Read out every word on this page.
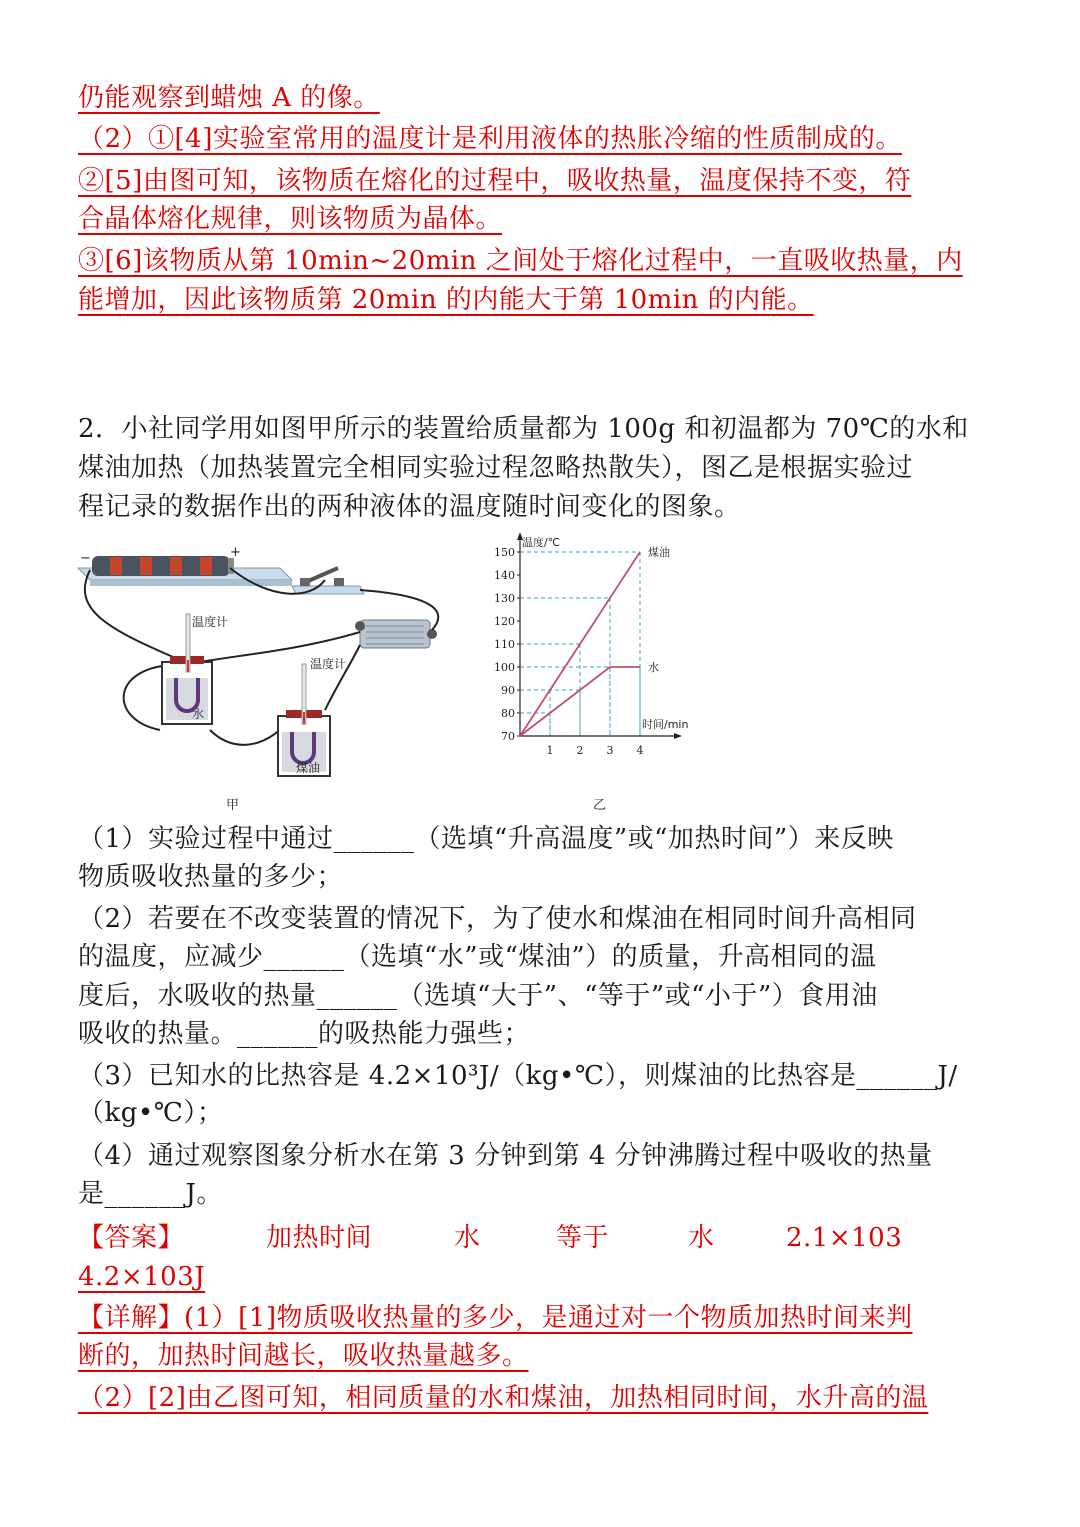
仍能观察到蜡烛 A 的像。
（2）①[4]实验室常用的温度计是利用液体的热胀冷缩的性质制成的。
②[5]由图可知，该物质在熔化的过程中，吸收热量，温度保持不变，符
合晶体熔化规律，则该物质为晶体。
③[6]该物质从第 10min~20min 之间处于熔化过程中，一直吸收热量，内
能增加，因此该物质第 20min 的内能大于第 10min 的内能。
2．小社同学用如图甲所示的装置给质量都为 100g 和初温都为 70℃的水和
煤油加热（加热装置完全相同实验过程忽略热散失），图乙是根据实验过
程记录的数据作出的两种液体的温度随时间变化的图象。
−	+
温度计
水
温度计
煤油
甲
70
80
90
100
110
120
130
140
150
1 2 3 4
温度/℃
时间/min
煤油
水
乙
（1）实验过程中通过______（选填“升高温度”或“加热时间”）来反映
物质吸收热量的多少；
（2）若要在不改变装置的情况下，为了使水和煤油在相同时间升高相同
的温度，应减少______（选填“水”或“煤油”）的质量，升高相同的温
度后，水吸收的热量______（选填“大于”、“等于”或“小于”）食用油
吸收的热量。______的吸热能力强些；
（3）已知水的比热容是 4.2×10³J/（kg•℃），则煤油的比热容是______J/
（kg•℃）；
（4）通过观察图象分析水在第 3 分钟到第 4 分钟沸腾过程中吸收的热量
是______J。
【答案】	加热时间	水	等于	水	2.1×103
4.2×103J
【详解】(1）[1]物质吸收热量的多少，是通过对一个物质加热时间来判
断的，加热时间越长，吸收热量越多。
（2）[2]由乙图可知，相同质量的水和煤油，加热相同时间，水升高的温
